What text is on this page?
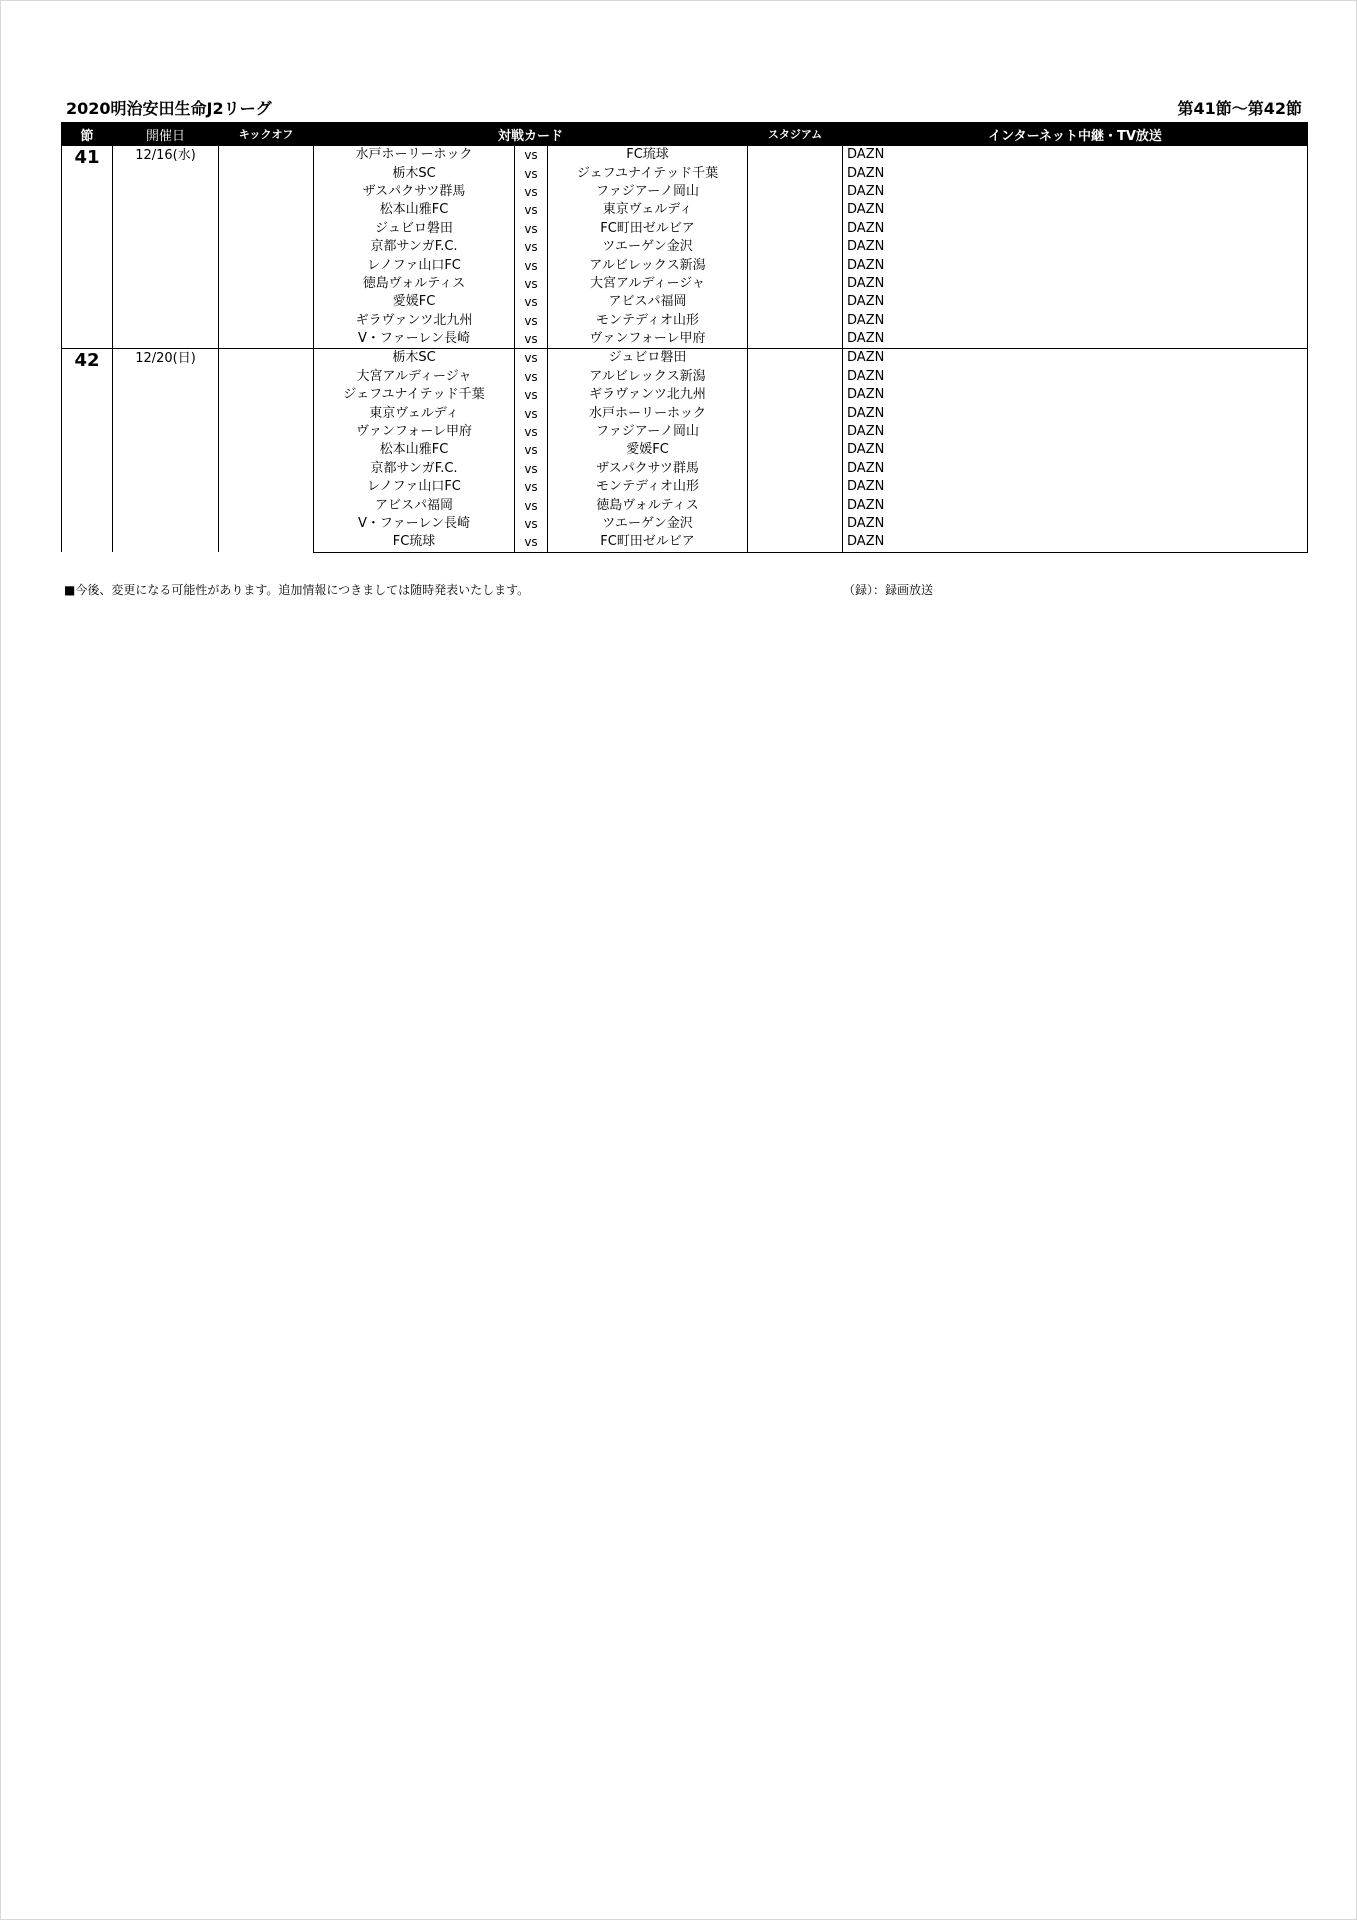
2020明治安田生命J2リーグ	第41節～第42節
節	開催日	キックオフ	対戦カード			スタジアム	インターネット中継・TV放送
41	12/16(水)		水戸ホーリーホック	vs	FC琉球		DAZN
			栃木SC	vs	ジェフユナイテッド千葉		DAZN
			ザスパクサツ群馬	vs	ファジアーノ岡山		DAZN
			松本山雅FC	vs	東京ヴェルディ		DAZN
			ジュビロ磐田	vs	FC町田ゼルビア		DAZN
			京都サンガF.C.	vs	ツエーゲン金沢		DAZN
			レノファ山口FC	vs	アルビレックス新潟		DAZN
			徳島ヴォルティス	vs	大宮アルディージャ		DAZN
			愛媛FC	vs	アビスパ福岡		DAZN
			ギラヴァンツ北九州	vs	モンテディオ山形		DAZN
			V・ファーレン長崎	vs	ヴァンフォーレ甲府		DAZN
42	12/20(日)		栃木SC	vs	ジュビロ磐田		DAZN
			大宮アルディージャ	vs	アルビレックス新潟		DAZN
			ジェフユナイテッド千葉	vs	ギラヴァンツ北九州		DAZN
			東京ヴェルディ	vs	水戸ホーリーホック		DAZN
			ヴァンフォーレ甲府	vs	ファジアーノ岡山		DAZN
			松本山雅FC	vs	愛媛FC		DAZN
			京都サンガF.C.	vs	ザスパクサツ群馬		DAZN
			レノファ山口FC	vs	モンテディオ山形		DAZN
			アビスパ福岡	vs	徳島ヴォルティス		DAZN
			V・ファーレン長崎	vs	ツエーゲン金沢		DAZN
			FC琉球	vs	FC町田ゼルビア		DAZN
■今後、変更になる可能性があります。追加情報につきましては随時発表いたします。	（録）：録画放送
